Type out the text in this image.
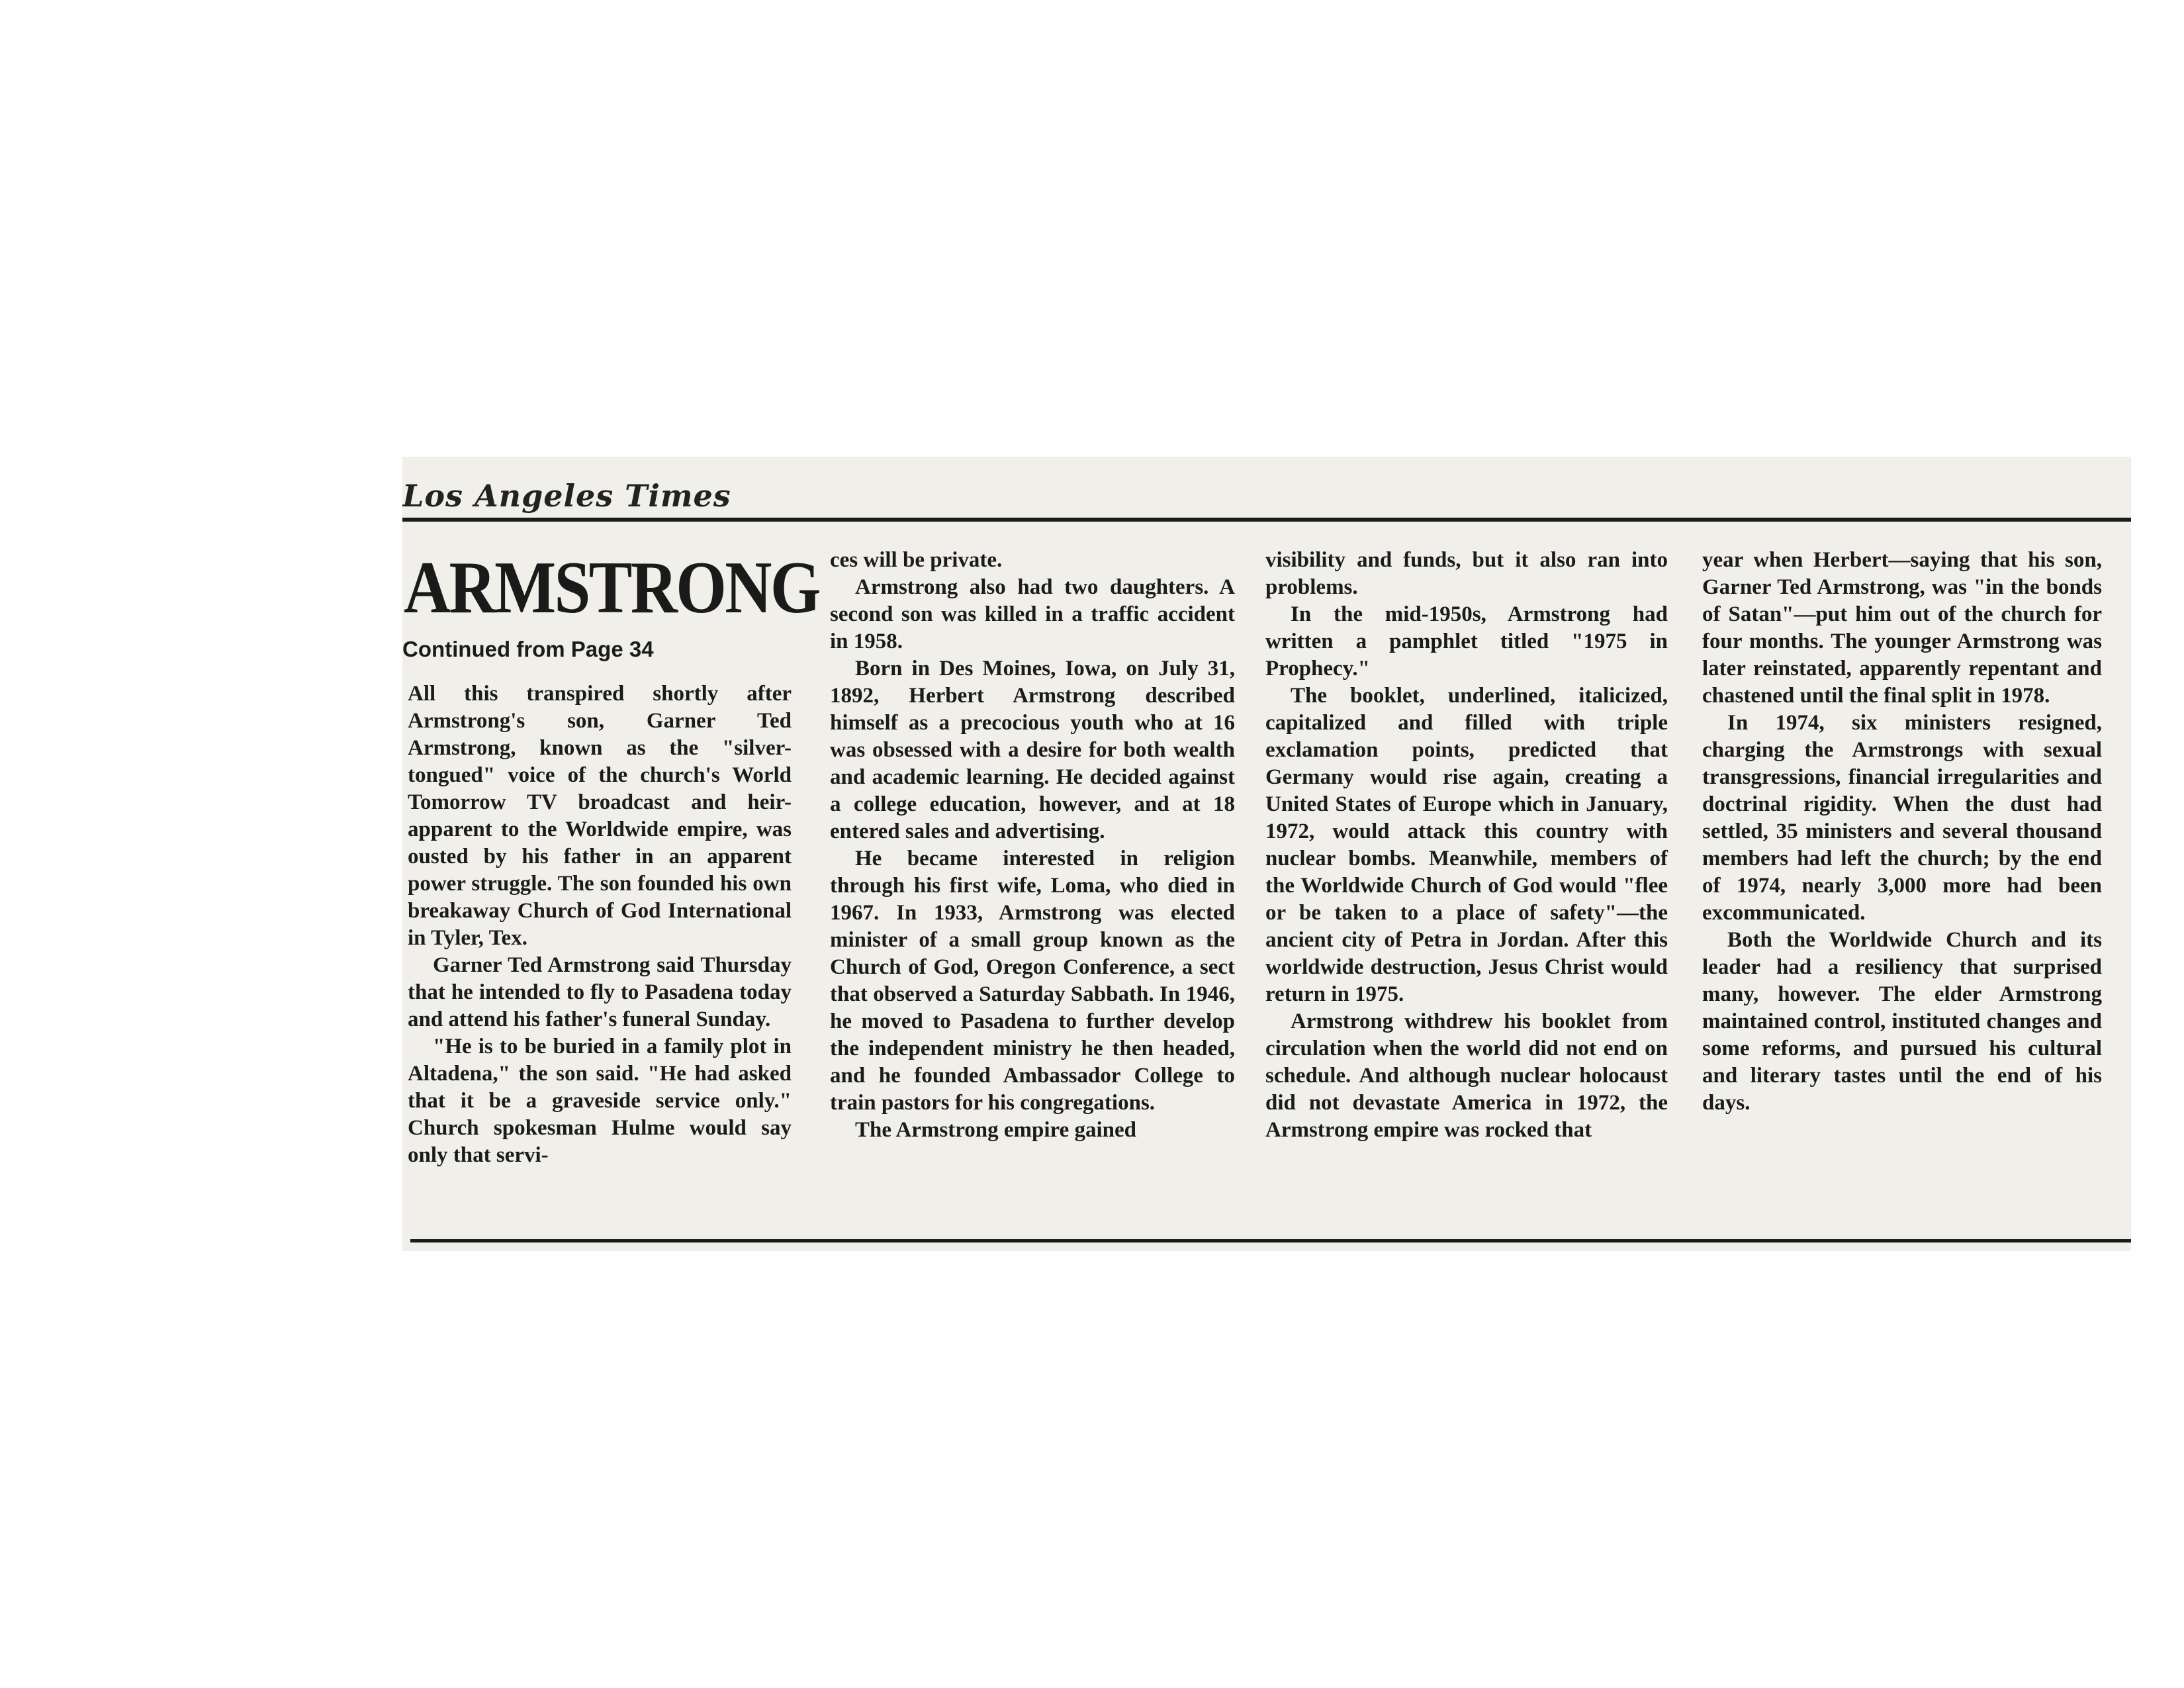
Los Angeles Times
ARMSTRONG
Continued from Page 34

All this transpired shortly after Armstrong's son, Garner Ted Armstrong, known as the "silver-tongued" voice of the church's World Tomorrow TV broadcast and heir-apparent to the Worldwide empire, was ousted by his father in an apparent power struggle. The son founded his own breakaway Church of God International in Tyler, Tex.

Garner Ted Armstrong said Thursday that he intended to fly to Pasadena today and attend his father's funeral Sunday.

"He is to be buried in a family plot in Altadena," the son said. "He had asked that it be a graveside service only." Church spokesman Hulme would say only that servi-

ces will be private.

Armstrong also had two daughters. A second son was killed in a traffic accident in 1958.

Born in Des Moines, Iowa, on July 31, 1892, Herbert Armstrong described himself as a precocious youth who at 16 was obsessed with a desire for both wealth and academic learning. He decided against a college education, however, and at 18 entered sales and advertising.

He became interested in religion through his first wife, Loma, who died in 1967. In 1933, Armstrong was elected minister of a small group known as the Church of God, Oregon Conference, a sect that observed a Saturday Sabbath. In 1946, he moved to Pasadena to further develop the independent ministry he then headed, and he founded Ambassador College to train pastors for his congregations.

The Armstrong empire gained

visibility and funds, but it also ran into problems.

In the mid-1950s, Armstrong had written a pamphlet titled "1975 in Prophecy."

The booklet, underlined, italicized, capitalized and filled with triple exclamation points, predicted that Germany would rise again, creating a United States of Europe which in January, 1972, would attack this country with nuclear bombs. Meanwhile, members of the Worldwide Church of God would "flee or be taken to a place of safety"—the ancient city of Petra in Jordan. After this worldwide destruction, Jesus Christ would return in 1975.

Armstrong withdrew his booklet from circulation when the world did not end on schedule. And although nuclear holocaust did not devastate America in 1972, the Armstrong empire was rocked that

year when Herbert—saying that his son, Garner Ted Armstrong, was "in the bonds of Satan"—put him out of the church for four months. The younger Armstrong was later reinstated, apparently repentant and chastened until the final split in 1978.

In 1974, six ministers resigned, charging the Armstrongs with sexual transgressions, financial irregularities and doctrinal rigidity. When the dust had settled, 35 ministers and several thousand members had left the church; by the end of 1974, nearly 3,000 more had been excommunicated.

Both the Worldwide Church and its leader had a resiliency that surprised many, however. The elder Armstrong maintained control, instituted changes and some reforms, and pursued his cultural and literary tastes until the end of his days.
